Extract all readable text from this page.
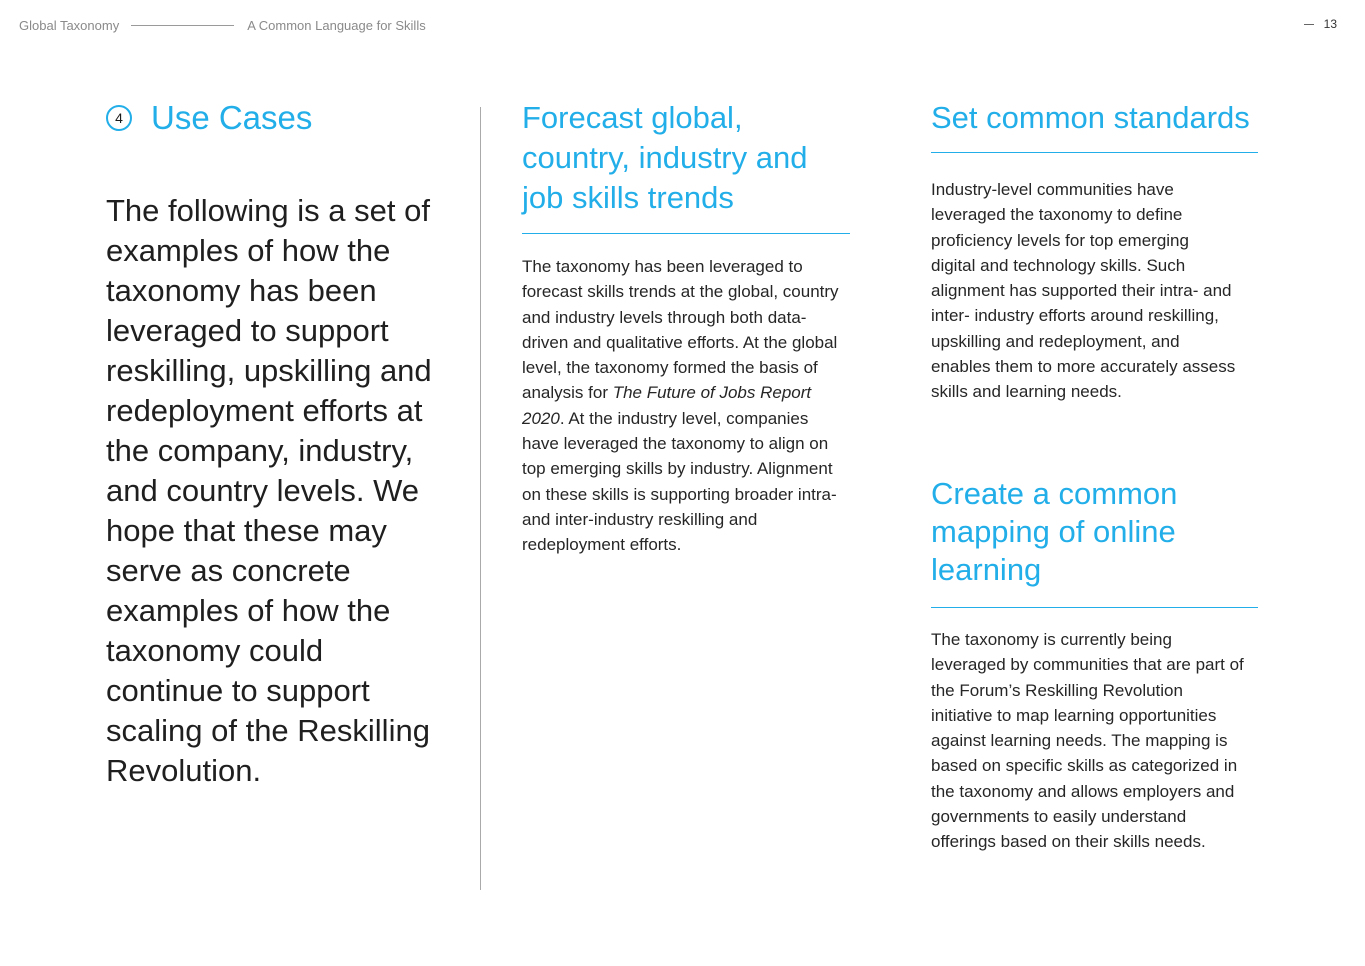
Global Taxonomy	A Common Language for Skills	13
4 Use Cases
The following is a set of examples of how the taxonomy has been leveraged to support reskilling, upskilling and redeployment efforts at the company, industry, and country levels. We hope that these may serve as concrete examples of how the taxonomy could continue to support scaling of the Reskilling Revolution.
Forecast global, country, industry and job skills trends
The taxonomy has been leveraged to forecast skills trends at the global, country and industry levels through both data-driven and qualitative efforts. At the global level, the taxonomy formed the basis of analysis for The Future of Jobs Report 2020. At the industry level, companies have leveraged the taxonomy to align on top emerging skills by industry. Alignment on these skills is supporting broader intra- and inter-industry reskilling and redeployment efforts.
Set common standards
Industry-level communities have leveraged the taxonomy to define proficiency levels for top emerging digital and technology skills. Such alignment has supported their intra- and inter- industry efforts around reskilling, upskilling and redeployment, and enables them to more accurately assess skills and learning needs.
Create a common mapping of online learning
The taxonomy is currently being leveraged by communities that are part of the Forum’s Reskilling Revolution initiative to map learning opportunities against learning needs. The mapping is based on specific skills as categorized in the taxonomy and allows employers and governments to easily understand offerings based on their skills needs.
